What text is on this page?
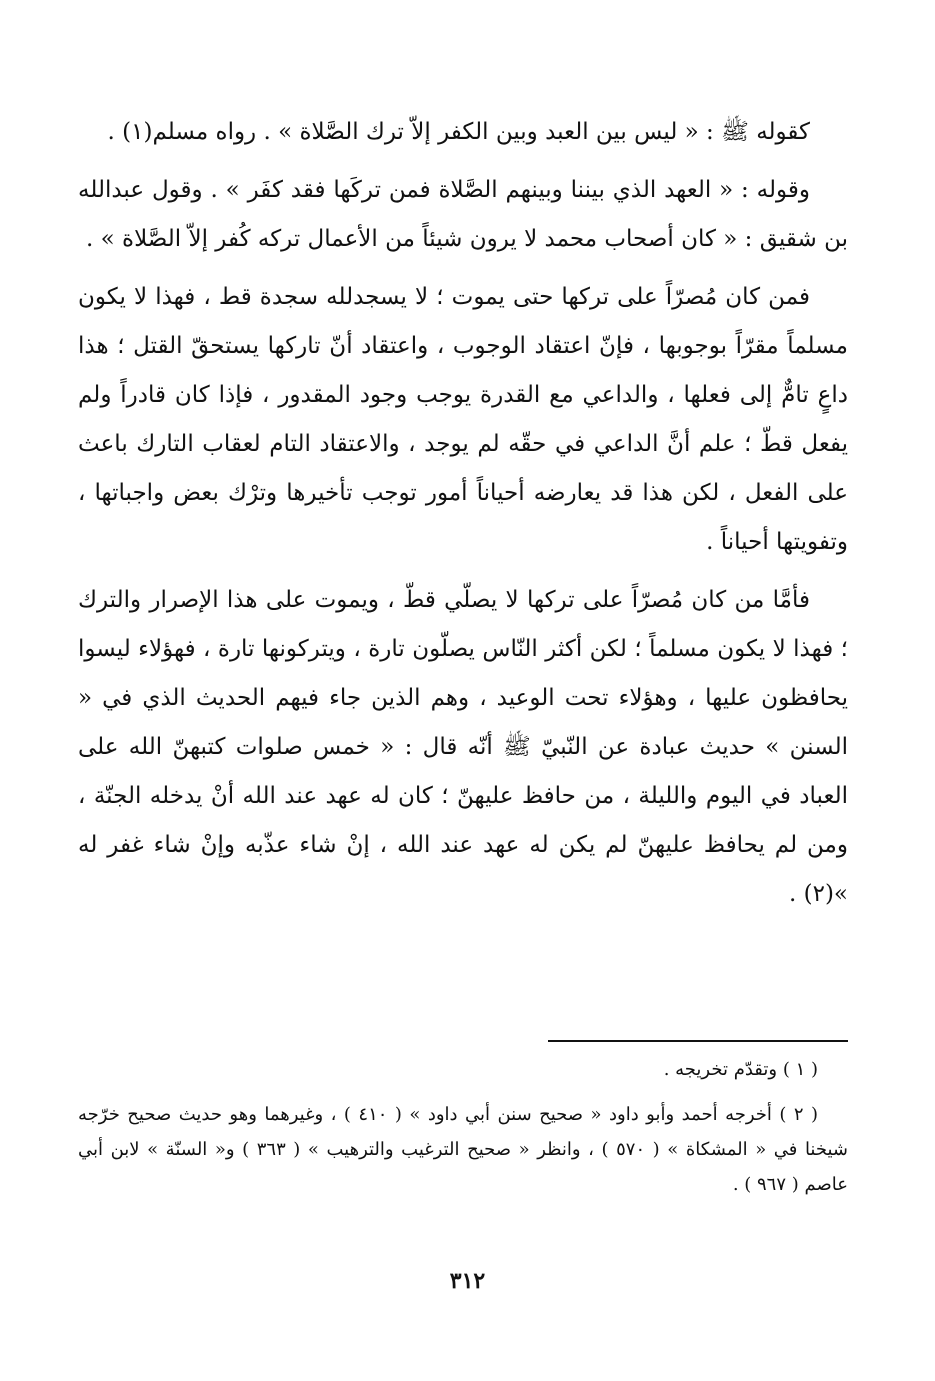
كقوله ﷺ : « ليس بين العبد وبين الكفر إلاّ ترك الصَّلاة » . رواه مسلم(١) .

وقوله : « العهد الذي بيننا وبينهم الصَّلاة فمن تركَها فقد كفَر » . وقول عبدالله بن شقيق : « كان أصحاب محمد لا يرون شيئاً من الأعمال تركه كُفر إلاّ الصَّلاة » .

فمن كان مُصرّاً على تركها حتى يموت ؛ لا يسجدلله سجدة قط ، فهذا لا يكون مسلماً مقرّاً بوجوبها ، فإنّ اعتقاد الوجوب ، واعتقاد أنّ تاركها يستحقّ القتل ؛ هذا داعٍ تامٌّ إلى فعلها ، والداعي مع القدرة يوجب وجود المقدور ، فإذا كان قادراً ولم يفعل قطّ ؛ علم أنَّ الداعي في حقّه لم يوجد ، والاعتقاد التام لعقاب التارك باعث على الفعل ، لكن هذا قد يعارضه أحياناً أمور توجب تأخيرها وترْك بعض واجباتها ، وتفويتها أحياناً .

فأمَّا من كان مُصرّاً على تركها لا يصلّي قطّ ، ويموت على هذا الإصرار والترك ؛ فهذا لا يكون مسلماً ؛ لكن أكثر النّاس يصلّون تارة ، ويتركونها تارة ، فهؤلاء ليسوا يحافظون عليها ، وهؤلاء تحت الوعيد ، وهم الذين جاء فيهم الحديث الذي في « السنن » حديث عبادة عن النّبيّ ﷺ أنّه قال : « خمس صلوات كتبهنّ الله على العباد في اليوم والليلة ، من حافظ عليهنّ ؛ كان له عهد عند الله أنْ يدخله الجنّة ، ومن لم يحافظ عليهنّ لم يكن له عهد عند الله ، إنْ شاء عذّبه وإنْ شاء غفر له »(٢) .

( ١ ) وتقدّم تخريجه .

( ٢ ) أخرجه أحمد وأبو داود « صحيح سنن أبي داود » ( ٤١٠ ) ، وغيرهما وهو حديث صحيح خرّجه شيخنا في « المشكاة » ( ٥٧٠ ) ، وانظر « صحيح الترغيب والترهيب » ( ٣٦٣ ) و« السنّة » لابن أبي عاصم ( ٩٦٧ ) .

٣١٢
